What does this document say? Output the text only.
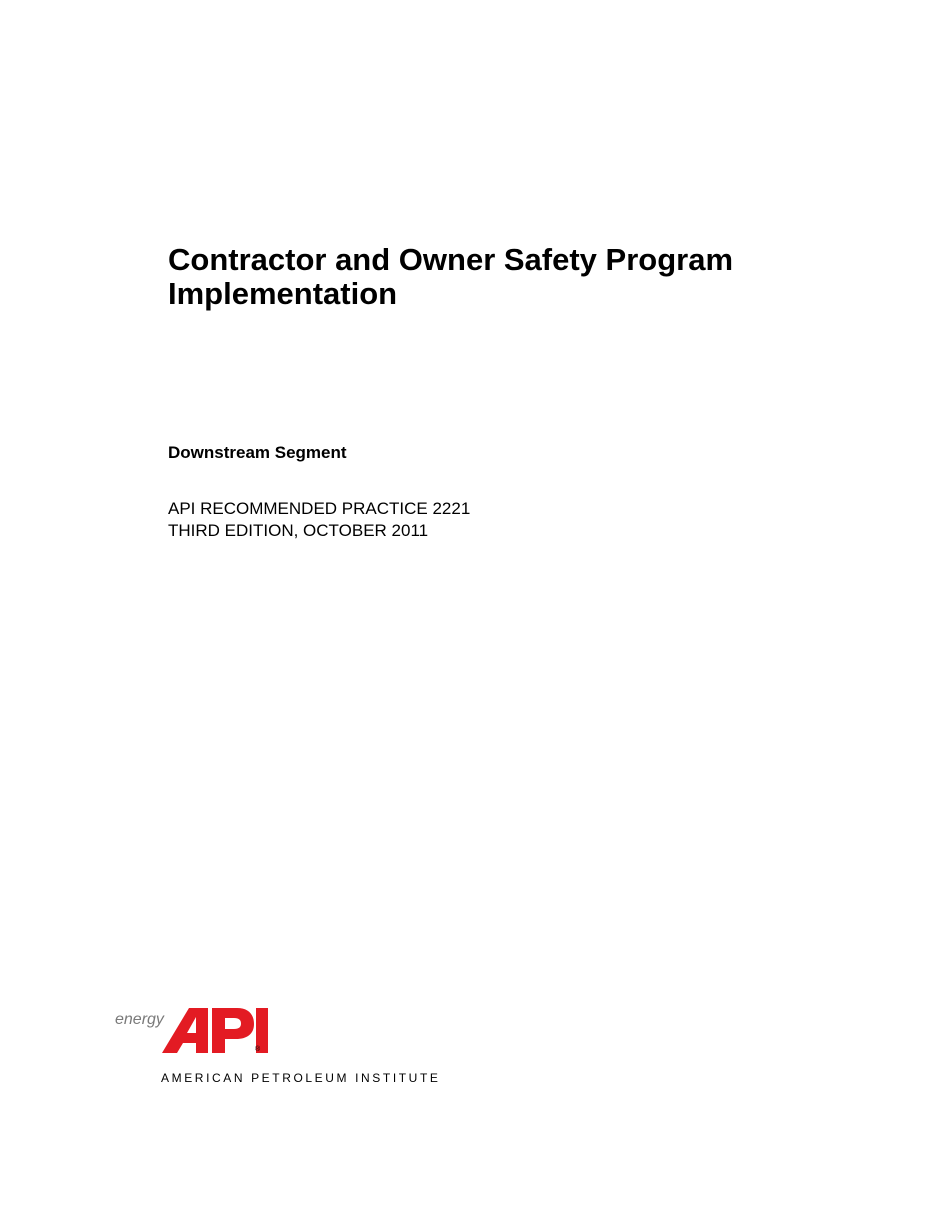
Contractor and Owner Safety Program
Implementation

Downstream Segment

API RECOMMENDED PRACTICE 2221
THIRD EDITION, OCTOBER 2011

energy
®
AMERICAN PETROLEUM INSTITUTE
